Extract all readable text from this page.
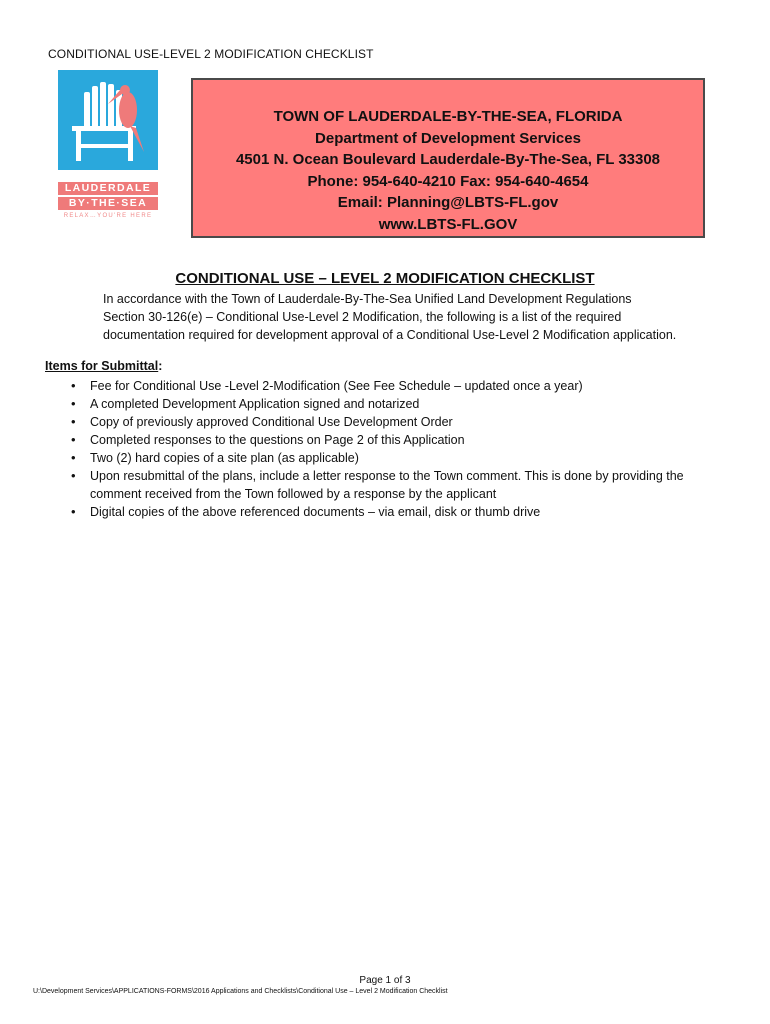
CONDITIONAL USE-LEVEL 2 MODIFICATION CHECKLIST
LAUDERDALE
BY·THE·SEA
RELAX…YOU'RE HERE
TOWN OF LAUDERDALE-BY-THE-SEA, FLORIDA
Department of Development Services
4501 N. Ocean Boulevard Lauderdale-By-The-Sea, FL 33308
Phone: 954-640-4210 Fax: 954-640-4654
Email: Planning@LBTS-FL.gov
www.LBTS-FL.GOV
CONDITIONAL USE – LEVEL 2 MODIFICATION CHECKLIST
In accordance with the Town of Lauderdale-By-The-Sea Unified Land Development Regulations
Section 30-126(e) – Conditional Use-Level 2 Modification, the following is a list of the required
documentation required for development approval of a Conditional Use-Level 2 Modification application.
Items for Submittal:
• Fee for Conditional Use -Level 2-Modification (See Fee Schedule – updated once a year)
• A completed Development Application signed and notarized
• Copy of previously approved Conditional Use Development Order
• Completed responses to the questions on Page 2 of this Application
• Two (2) hard copies of a site plan (as applicable)
• Upon resubmittal of the plans, include a letter response to the Town comment. This is done by providing the comment received from the Town followed by a response by the applicant
• Digital copies of the above referenced documents – via email, disk or thumb drive
Page 1 of 3
U:\Development Services\APPLICATIONS-FORMS\2016 Applications and Checklists\Conditional Use – Level 2 Modification Checklist
